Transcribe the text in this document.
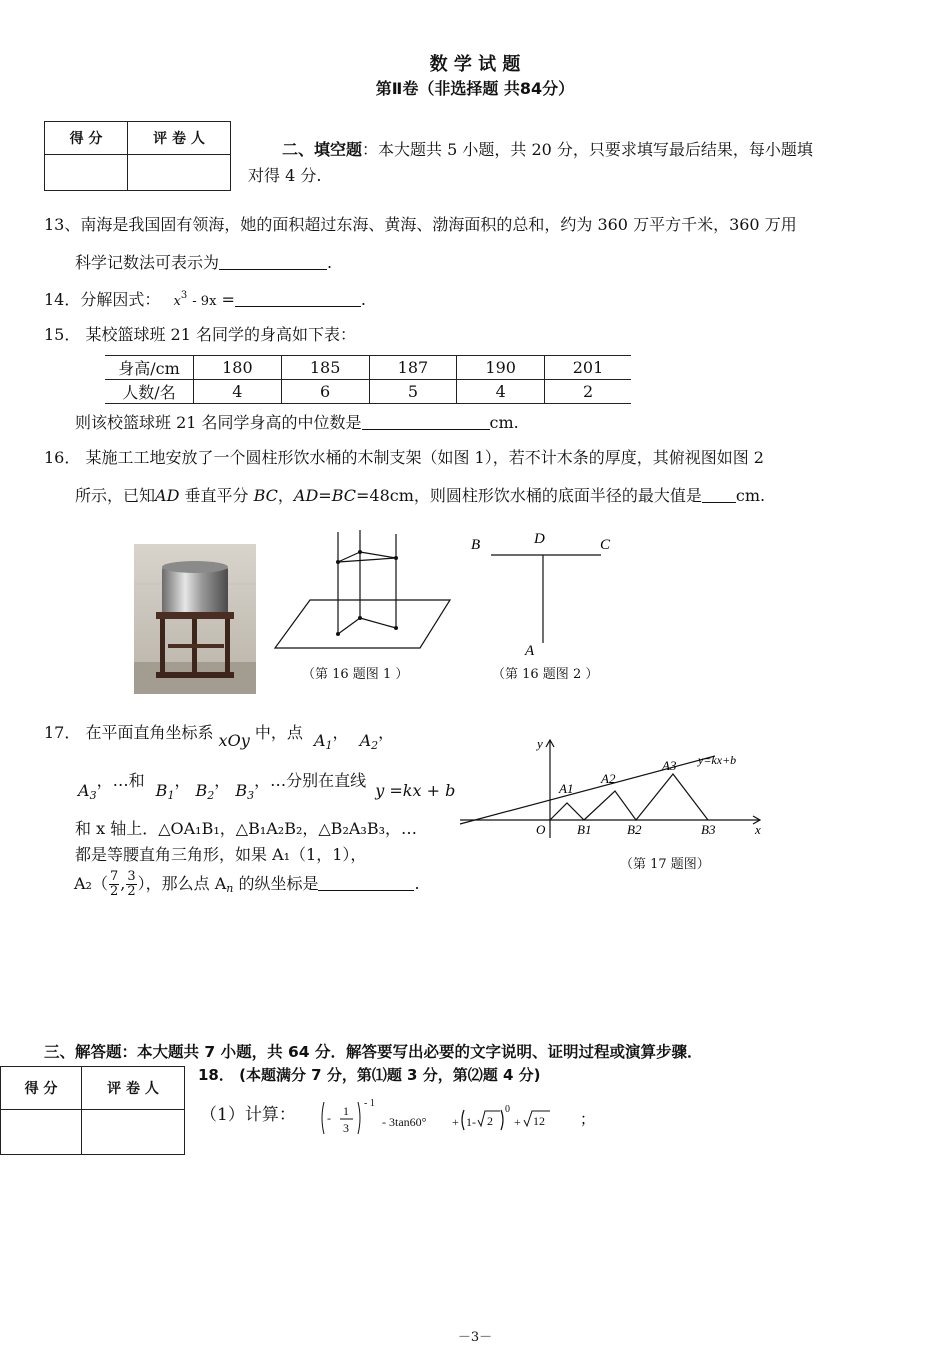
数 学 试 题
第Ⅱ卷（非选择题 共84分）
得 分	评 卷 人

二、填空题：本大题共 5 小题，共 20 分，只要求填写最后结果，每小题填
对得 4 分.
13、南海是我国固有领海，她的面积超过东海、黄海、渤海面积的总和，约为 360 万平方千米，360 万用
科学记数法可表示为	.
14．分解因式： $x^3 - 9x$ =	.
15． 某校篮球班 21 名同学的身高如下表：
身高/cm	180	185	187	190	201
人数/名	4	6	5	4	2
则该校篮球班 21 名同学身高的中位数是	cm.
16． 某施工工地安放了一个圆柱形饮水桶的木制支架（如图 1），若不计木条的厚度，其俯视图如图 2
所示，已知AD 垂直平分 BC，AD=BC=48cm，则圆柱形饮水桶的底面半径的最大值是 cm.
（第 16 题图 1 ）
B	D	C
A
（第 16 题图 2 ）
17． 在平面直角坐标系 xOy 中，点 $A_1$， $A_2$，
$A_3$，…和 $B_1$， $B_2$， $B_3$，…分别在直线 y =kx + b
和 x 轴上．△OA₁B₁，△B₁A₂B₂，△B₂A₃B₃，…
都是等腰直角三角形，如果 A₁（1，1），
$A_2( \frac{7}{2}$ , $\frac{3}{2}$ ），那么点 $A_n$ 的纵坐标是	.
y
x
O
y=kx+b
A1
A2
A3
B1	B2	B3
（第 17 题图）
三、解答题：本大题共 7 小题，共 64 分．解答要写出必要的文字说明、证明过程或演算步骤．
得 分	评 卷 人

18． (本题满分 7 分，第⑴题 3 分，第⑵题 4 分)
（1）计算：	- 1
3
- 1
- 3tan60° + 1- 2
0
+ 12 ；
－3－
